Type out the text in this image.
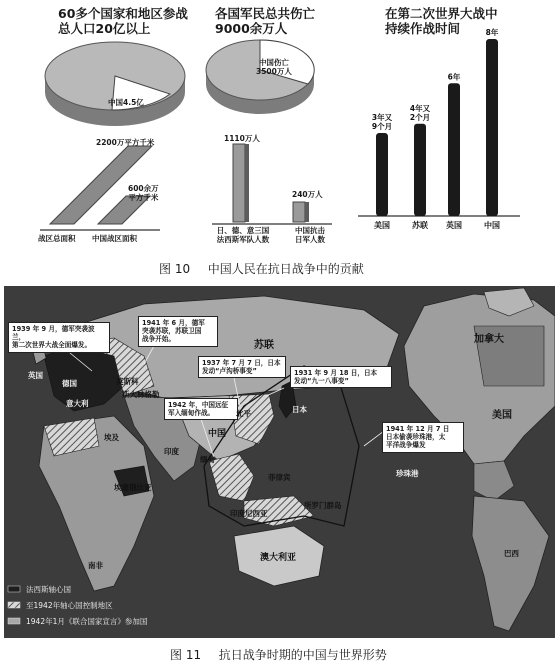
60多个国家和地区参战
总人口20亿以上
中国4.5亿
2200万平方千米
600余万
平方千米
战区总面积 中国战区面积
各国军民总共伤亡
9000余万人
中国伤亡
3500万人
1110万人
240万人
日、德、意三国
法西斯军队人数
中国抗击
日军人数
在第二次世界大战中
持续作战时间
3年又
9个月
美国
4年又
2个月
苏联
6年
英国
8年
中国
图 10 中国人民在抗日战争中的贡献
1939 年 9 月，德军突袭波兰，
第二次世界大战全面爆发。
1941 年 6 月，德军
突袭苏联，苏联卫国
战争开始。
1937 年 7 月 7 日，日本
发动“卢沟桥事变”	1931 年 9 月 18 日，日本
发动“九一八事变”
1942 年，中国远征
军入缅甸作战。
1941 年 12 月 7 日
日本偷袭珍珠港，太
平洋战争爆发
英国
苏联
莫斯科
斯大林格勒
德国
意大利
中国
印度
缅甸
日本
北平
菲律宾
印度尼西亚
珍珠港
澳大利亚
加拿大
美国
埃及
埃塞俄比亚
南非
巴西
所罗门群岛
法西斯轴心国
至1942年轴心国控制地区
1942年1月《联合国家宣言》参加国
图 11 抗日战争时期的中国与世界形势
